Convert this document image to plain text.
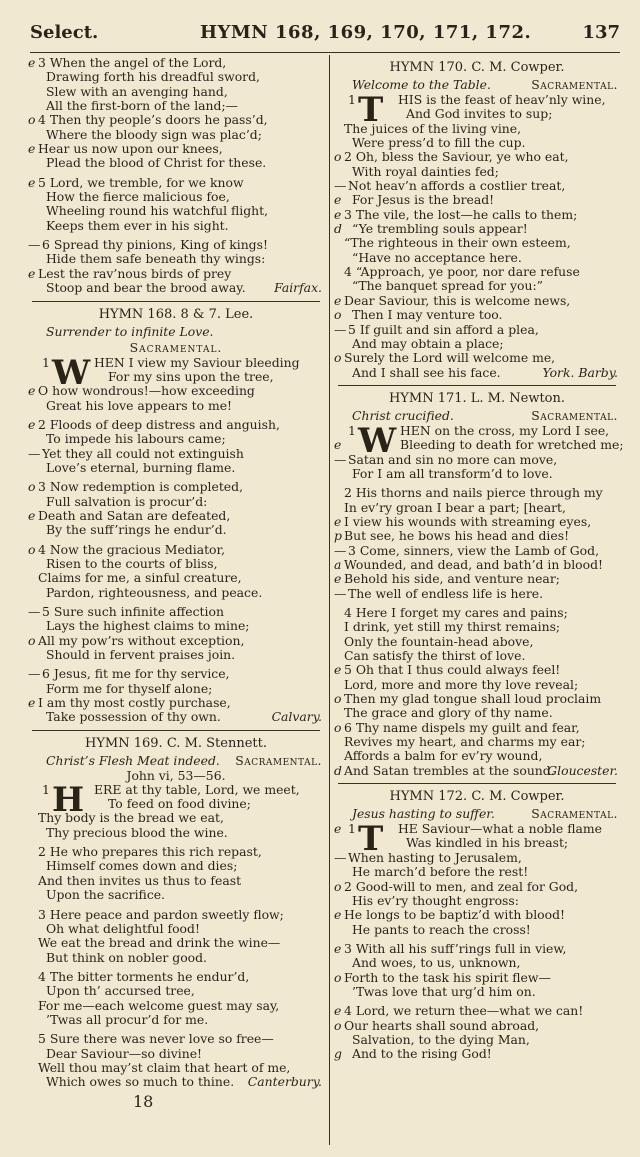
Select.	HYMN 168, 169, 170, 171, 172.	137
e 3 When the angel of the Lord,
Drawing forth his dreadful sword,
Slew with an avenging hand,
All the first-born of the land;—
o 4 Then thy people’s doors he pass’d,
Where the bloody sign was plac’d;
e Hear us now upon our knees,
Plead the blood of Christ for these.
e 5 Lord, we tremble, for we know
How the fierce malicious foe,
Wheeling round his watchful flight,
Keeps them ever in his sight.
— 6 Spread thy pinions, King of kings!
Hide them safe beneath thy wings:
e Lest the rav’nous birds of prey
Stoop and bear the brood away. Fairfax.
HYMN 168. 8 & 7. Lee.
Surrender to infinite Love.
Sacramental.
1 W HEN I view my Saviour bleeding
For my sins upon the tree,
e O how wondrous!—how exceeding
Great his love appears to me!
e 2 Floods of deep distress and anguish,
To impede his labours came;
— Yet they all could not extinguish
Love’s eternal, burning flame.
o 3 Now redemption is completed,
Full salvation is procur’d:
e Death and Satan are defeated,
By the suff’rings he endur’d.
o 4 Now the gracious Mediator,
Risen to the courts of bliss,
Claims for me, a sinful creature,
Pardon, righteousness, and peace.
— 5 Sure such infinite affection
Lays the highest claims to mine;
o All my pow’rs without exception,
Should in fervent praises join.
— 6 Jesus, fit me for thy service,
Form me for thyself alone;
e I am thy most costly purchase,
Take possession of thy own.	Calvary.
HYMN 169. C. M. Stennett.
Christ’s Flesh Meat indeed. Sacramental.
John vi, 53—56.
1 H ERE at thy table, Lord, we meet,
To feed on food divine;
Thy body is the bread we eat,
Thy precious blood the wine.
2 He who prepares this rich repast,
Himself comes down and dies;
And then invites us thus to feast
Upon the sacrifice.
3 Here peace and pardon sweetly flow;
Oh what delightful food!
We eat the bread and drink the wine—
But think on nobler good.
4 The bitter torments he endur’d,
Upon th’ accursed tree,
For me—each welcome guest may say,
’Twas all procur’d for me.
5 Sure there was never love so free—
Dear Saviour—so divine!
Well thou may’st claim that heart of me,
Which owes so much to thine. Canterbury.
HYMN 170. C. M. Cowper.
Welcome to the Table.	Sacramental.
1 T HIS is the feast of heav’nly wine,
And God invites to sup;
The juices of the living vine,
Were press’d to fill the cup.
o 2 Oh, bless the Saviour, ye who eat,
With royal dainties fed;
— Not heav’n affords a costlier treat,
e For Jesus is the bread!
e 3 The vile, the lost—he calls to them;
d “Ye trembling souls appear!
“The righteous in their own esteem,
“Have no acceptance here.
4 “Approach, ye poor, nor dare refuse
“The banquet spread for you:”
e Dear Saviour, this is welcome news,
o Then I may venture too.
— 5 If guilt and sin afford a plea,
And may obtain a place;
o Surely the Lord will welcome me,
And I shall see his face.	York. Barby.
HYMN 171. L. M. Newton.
Christ crucified.	Sacramental.
1 W HEN on the cross, my Lord I see,
e	Bleeding to death for wretched me;
— Satan and sin no more can move,
For I am all transform’d to love.
2 His thorns and nails pierce through my
In ev’ry groan I bear a part; [heart,
e I view his wounds with streaming eyes,
p But see, he bows his head and dies!
— 3 Come, sinners, view the Lamb of God,
a Wounded, and dead, and bath’d in blood!
e Behold his side, and venture near;
— The well of endless life is here.
4 Here I forget my cares and pains;
I drink, yet still my thirst remains;
Only the fountain-head above,
Can satisfy the thirst of love.
e 5 Oh that I thus could always feel!
Lord, more and more thy love reveal;
o Then my glad tongue shall loud proclaim
The grace and glory of thy name.
o 6 Thy name dispels my guilt and fear,
Revives my heart, and charms my ear;
Affords a balm for ev’ry wound,
d And Satan trembles at the sound.
Gloucester.
HYMN 172. C. M. Cowper.
Jesus hasting to suffer.	Sacramental.
e 1 T HE Saviour—what a noble flame
Was kindled in his breast;
— When hasting to Jerusalem,
He march’d before the rest!
o 2 Good-will to men, and zeal for God,
His ev’ry thought engross:
e He longs to be baptiz’d with blood!
He pants to reach the cross!
e 3 With all his suff’rings full in view,
And woes, to us, unknown,
o Forth to the task his spirit flew—
’Twas love that urg’d him on.
e 4 Lord, we return thee—what we can!
o Our hearts shall sound abroad,
Salvation, to the dying Man,
g And to the rising God!
18
